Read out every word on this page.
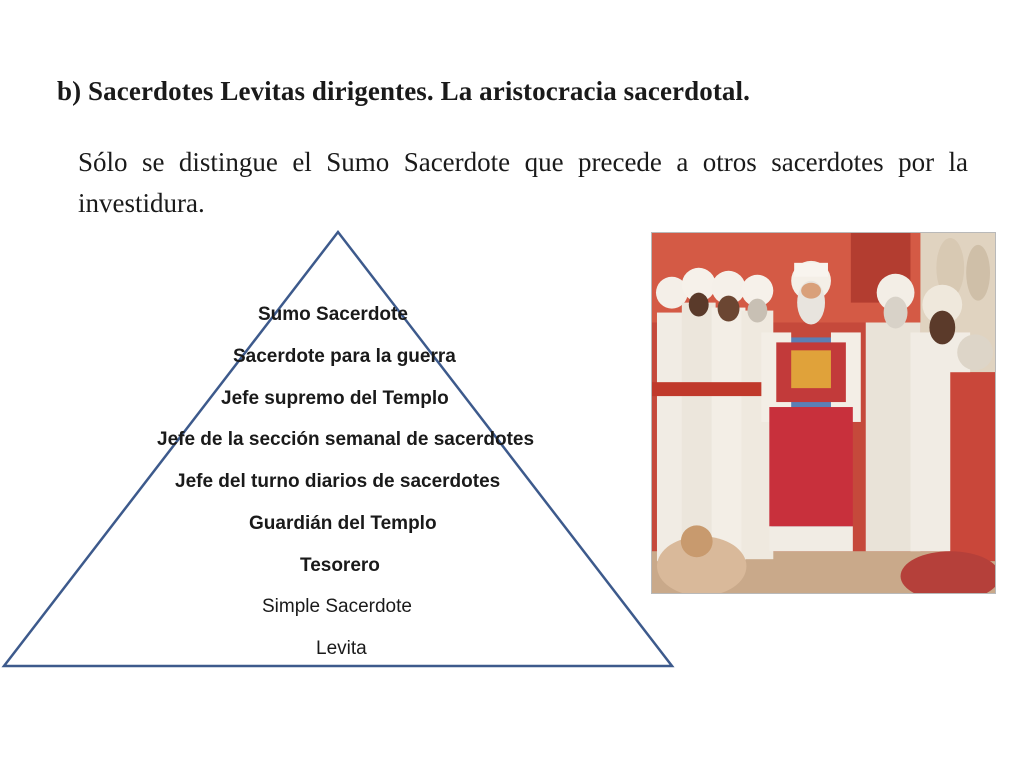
b) Sacerdotes Levitas dirigentes. La aristocracia sacerdotal.

Sólo se distingue el Sumo Sacerdote que precede a otros sacerdotes por la investidura.

Sumo Sacerdote
Sacerdote para la guerra
Jefe supremo del Templo
Jefe de la sección semanal de sacerdotes
Jefe del turno diarios de sacerdotes
Guardián del Templo
Tesorero
Simple Sacerdote
Levita
